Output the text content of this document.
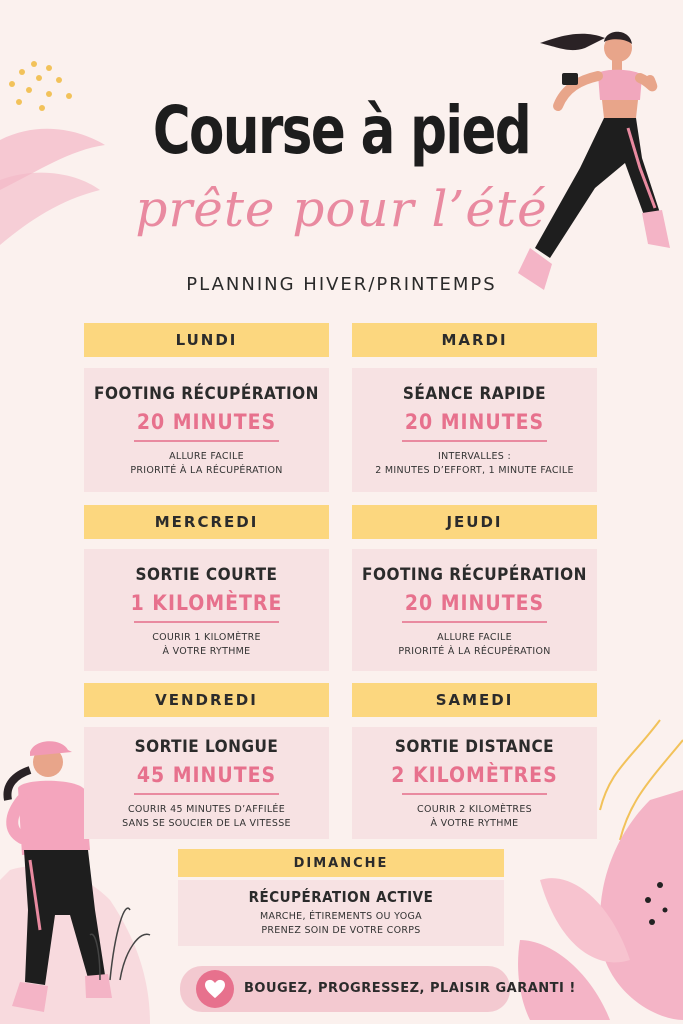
Course à pied
prête pour l’été
PLANNING HIVER/PRINTEMPS
LUNDI
FOOTING RÉCUPÉRATION
20 MINUTES
ALLURE FACILE
PRIORITÉ À LA RÉCUPÉRATION
MARDI
SÉANCE RAPIDE
20 MINUTES
INTERVALLES :
2 MINUTES D’EFFORT, 1 MINUTE FACILE
MERCREDI
SORTIE COURTE
1 KILOMÈTRE
COURIR 1 KILOMÈTRE
À VOTRE RYTHME
JEUDI
FOOTING RÉCUPÉRATION
20 MINUTES
ALLURE FACILE
PRIORITÉ À LA RÉCUPÉRATION
VENDREDI
SORTIE LONGUE
45 MINUTES
COURIR 45 MINUTES D’AFFILÉE
SANS SE SOUCIER DE LA VITESSE
SAMEDI
SORTIE DISTANCE
2 KILOMÈTRES
COURIR 2 KILOMÈTRES
À VOTRE RYTHME
DIMANCHE
RÉCUPÉRATION ACTIVE
MARCHE, ÉTIREMENTS OU YOGA
PRENEZ SOIN DE VOTRE CORPS
BOUGEZ, PROGRESSEZ, PLAISIR GARANTI !
